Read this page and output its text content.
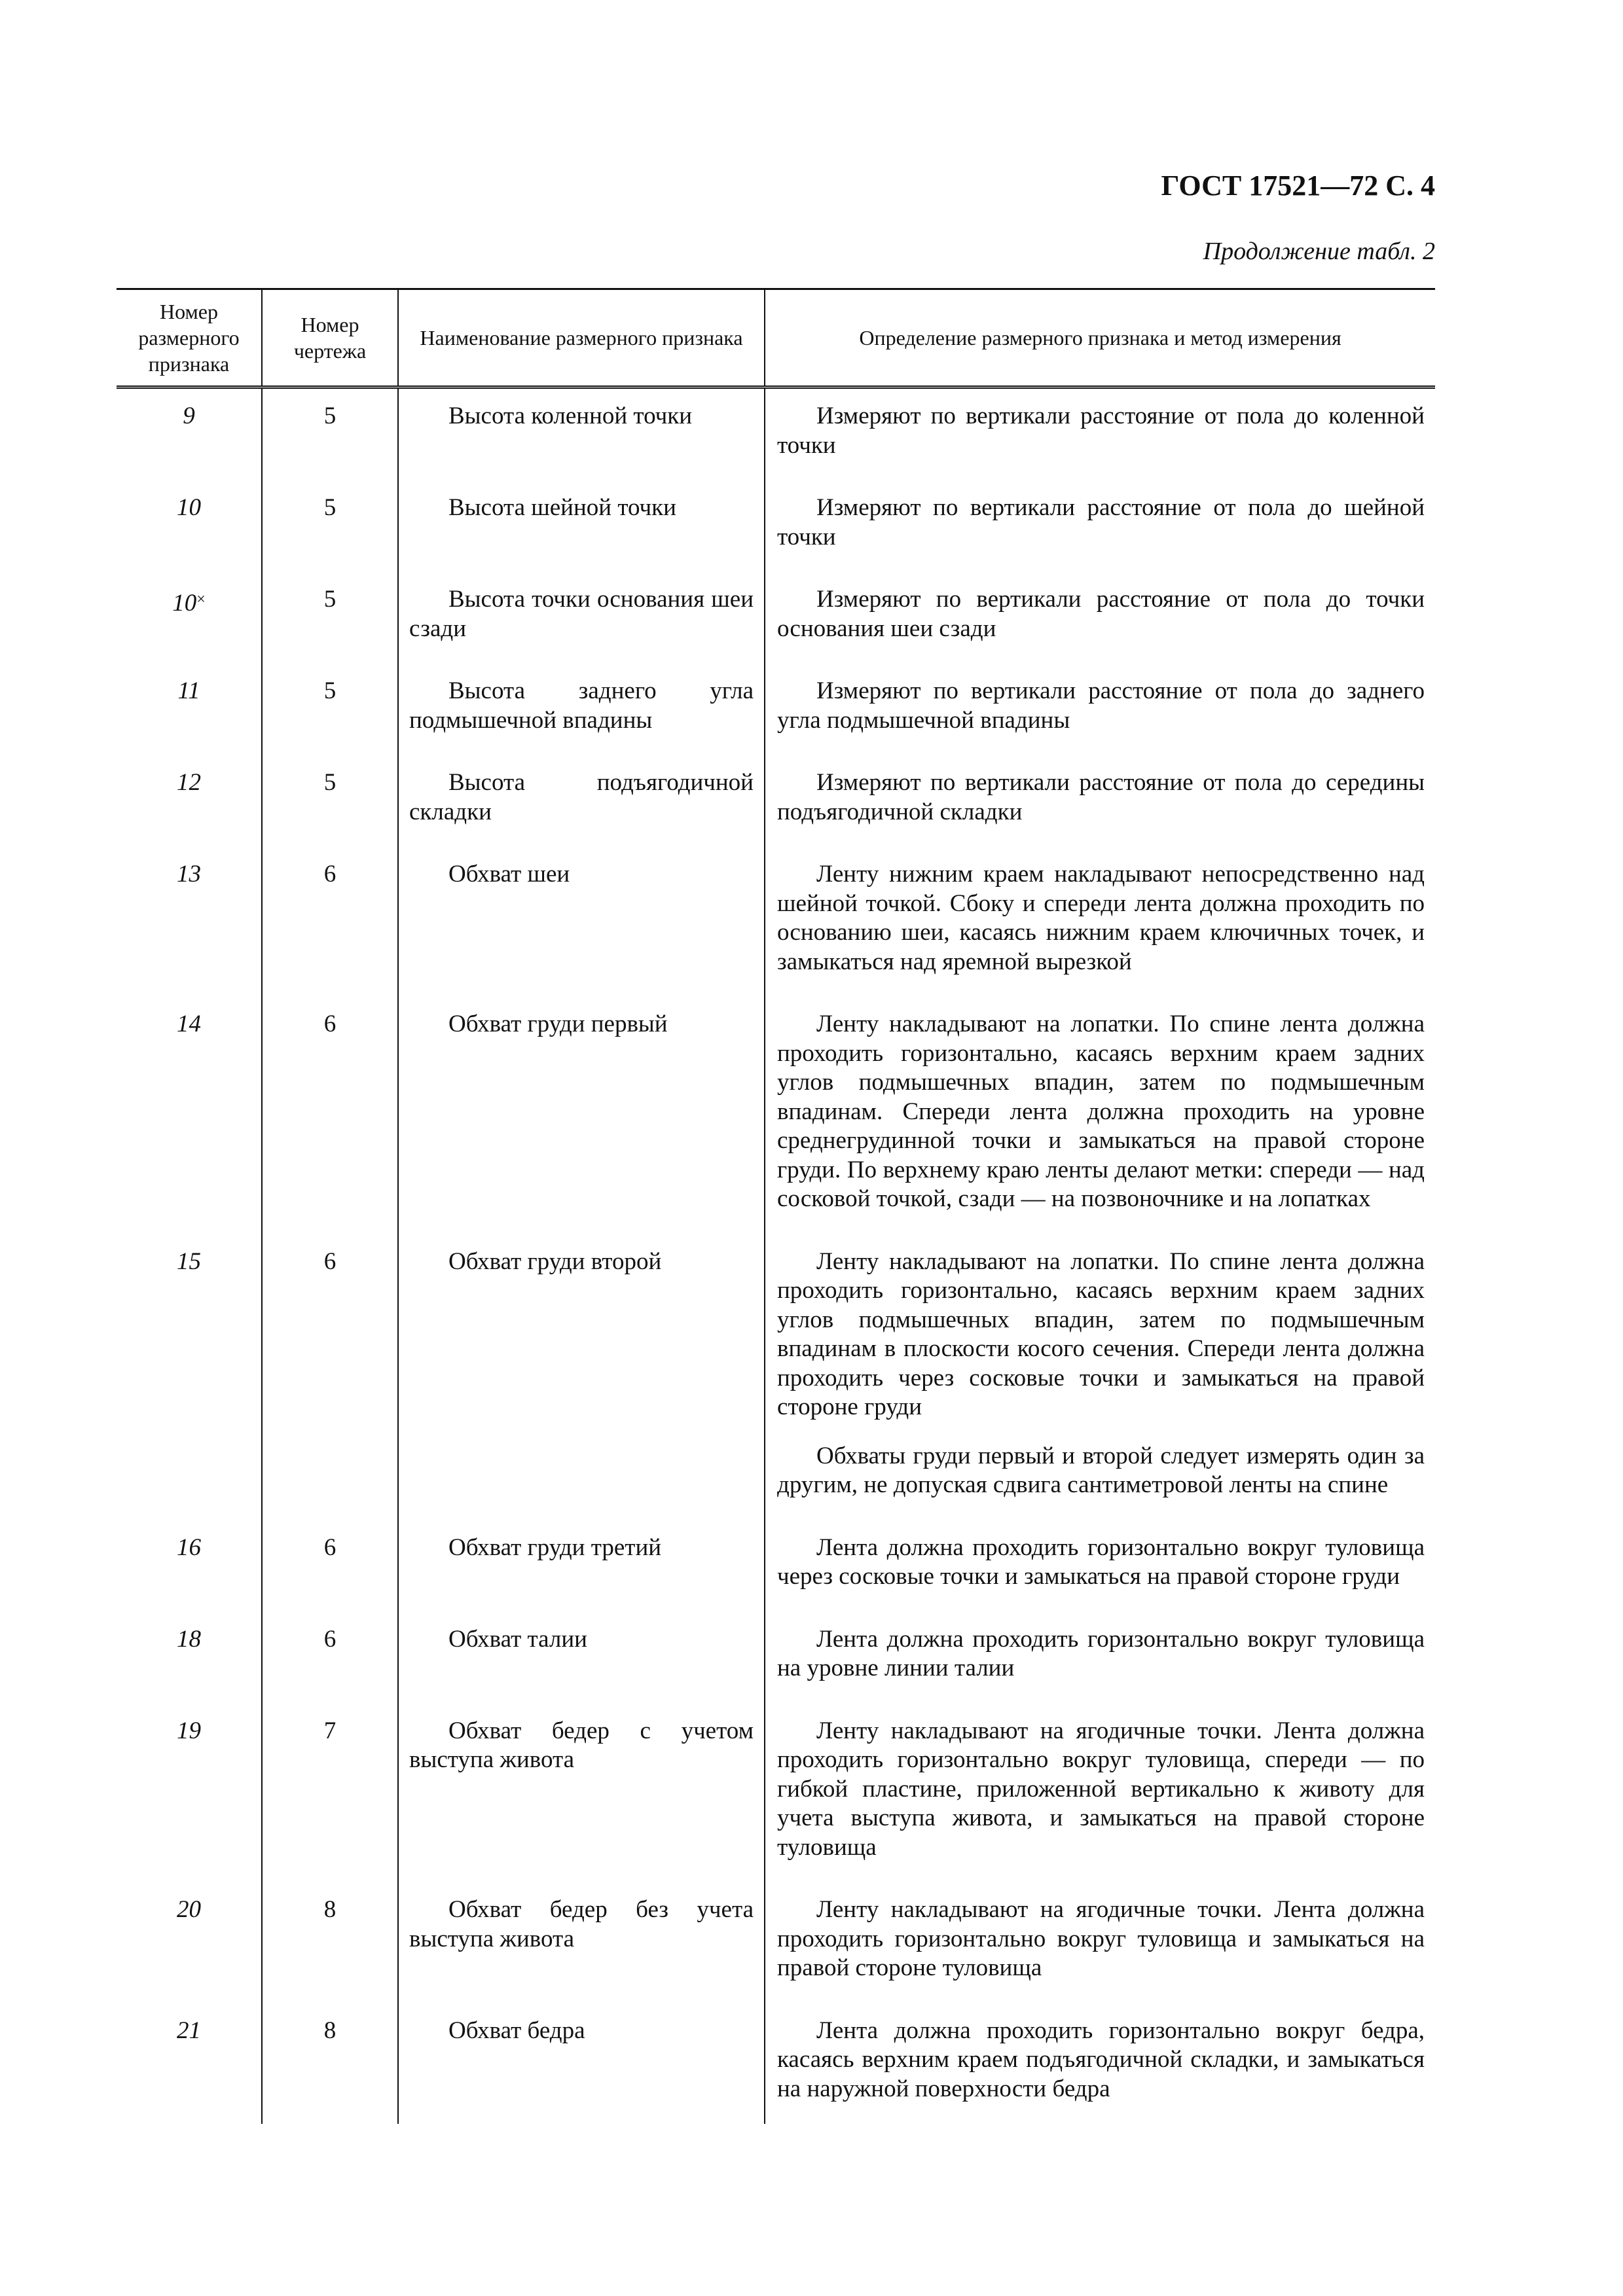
ГОСТ 17521—72 С. 4
Продолжение табл. 2
Номер размерного признака	Номер чертежа	Наименование размерного признака	Определение размерного признака и метод измерения
9	5	Высота коленной точки	Измеряют по вертикали расстояние от пола до коленной точки

10	5	Высота шейной точки	Измеряют по вертикали расстояние от пола до шейной точки

10×	5	Высота точки основания шеи сзади	Измеряют по вертикали расстояние от пола до точки основания шеи сзади

11	5	Высота заднего угла подмышечной впадины	Измеряют по вертикали расстояние от пола до заднего угла подмышечной впадины

12	5	Высота подъягодичной складки	Измеряют по вертикали расстояние от пола до середины подъягодичной складки

13	6	Обхват шеи	Ленту нижним краем накладывают непосредственно над шейной точкой. Сбоку и спереди лента должна проходить по основанию шеи, касаясь нижним краем ключичных точек, и замыкаться над яремной вырезкой

14	6	Обхват груди первый	Ленту накладывают на лопатки. По спине лента должна проходить горизонтально, касаясь верхним краем задних углов подмышечных впадин, затем по подмышечным впадинам. Спереди лента должна проходить на уровне среднегрудинной точки и замыкаться на правой стороне груди. По верхнему краю ленты делают метки: спереди — над сосковой точкой, сзади — на позвоночнике и на лопатках

15	6	Обхват груди второй	Ленту накладывают на лопатки. По спине лента должна проходить горизонтально, касаясь верхним краем задних углов подмышечных впадин, затем по подмышечным впадинам в плоскости косого сечения. Спереди лента должна проходить через сосковые точки и замыкаться на правой стороне груди

Обхваты груди первый и второй следует измерять один за другим, не допуская сдвига сантиметровой ленты на спине

16	6	Обхват груди третий	Лента должна проходить горизонтально вокруг туловища через сосковые точки и замыкаться на правой стороне груди

18	6	Обхват талии	Лента должна проходить горизонтально вокруг туловища на уровне линии талии

19	7	Обхват бедер с учетом выступа живота	Ленту накладывают на ягодичные точки. Лента должна проходить горизонтально вокруг туловища, спереди — по гибкой пластине, приложенной вертикально к животу для учета выступа живота, и замыкаться на правой стороне туловища

20	8	Обхват бедер без учета выступа живота	Ленту накладывают на ягодичные точки. Лента должна проходить горизонтально вокруг туловища и замыкаться на правой стороне туловища

21	8	Обхват бедра	Лента должна проходить горизонтально вокруг бедра, касаясь верхним краем подъягодичной складки, и замыкаться на наружной поверхности бедра
